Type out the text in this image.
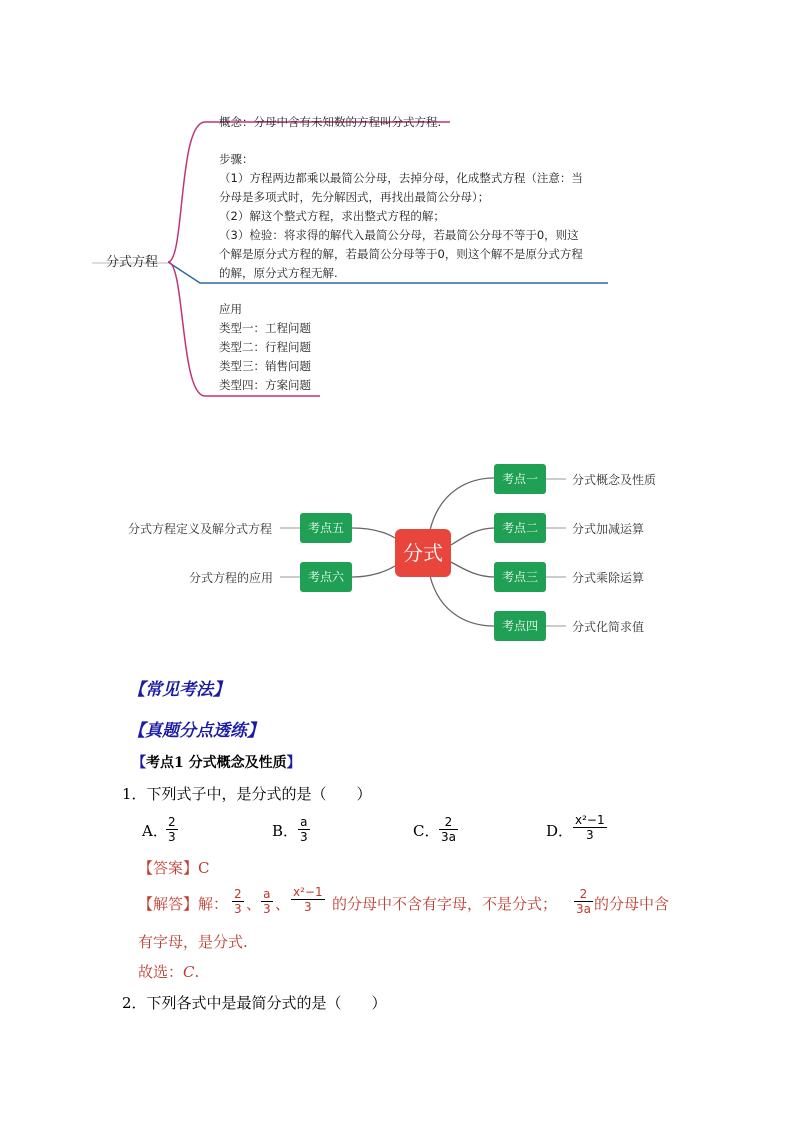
分式方程
概念：分母中含有未知数的方程叫分式方程.
步骤：
（1）方程两边都乘以最简公分母，去掉分母，化成整式方程（注意：当
分母是多项式时，先分解因式，再找出最简公分母）；
（2）解这个整式方程，求出整式方程的解；
（3）检验：将求得的解代入最简公分母，若最简公分母不等于0，则这
个解是原分式方程的解，若最简公分母等于0，则这个解不是原分式方程
的解，原分式方程无解.
应用
类型一：工程问题
类型二：行程问题
类型三：销售问题
类型四：方案问题
分式
考点一
考点二
考点三
考点四
考点五
考点六
分式概念及性质
分式加减运算
分式乘除运算
分式化简求值
分式方程定义及解分式方程
分式方程的应用
【常见考法】
【真题分点透练】
【考点1 分式概念及性质】
1．下列式子中，是分式的是（　　）
A．
$\frac{2}{3}$	B． $\frac{a}{3}$	C． $\frac{2}{3a}$	D． $\frac{\text{x²−1}}{3}$
【答案】C
【解答】解： $\frac{2}{3}$ 、 $\frac{a}{3}$ 、 $\frac{\text{x²−1}}{3}$ 的分母中不含有字母，不是分式； $\frac{2}{3a}$ 的分母中含
有字母，是分式.
故选：C.
2．下列各式中是最简分式的是（　　）
